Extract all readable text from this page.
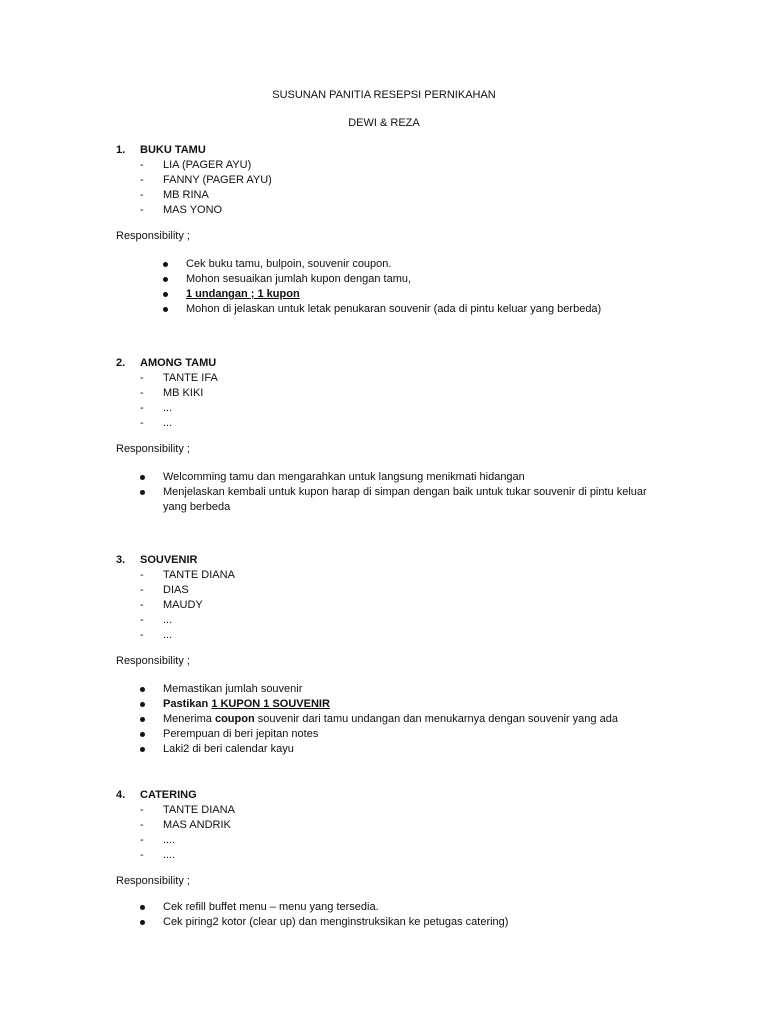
SUSUNAN PANITIA RESEPSI PERNIKAHAN
DEWI & REZA
1. BUKU TAMU
- LIA (PAGER AYU)
- FANNY (PAGER AYU)
- MB RINA
- MAS YONO
Responsibility ;
Cek buku tamu, bulpoin, souvenir coupon.
Mohon sesuaikan jumlah kupon dengan tamu,
1 undangan ; 1 kupon
Mohon di jelaskan untuk letak penukaran souvenir (ada di pintu keluar yang berbeda)
2. AMONG TAMU
- TANTE IFA
- MB KIKI
- ...
- ...
Responsibility ;
Welcomming tamu dan mengarahkan untuk langsung menikmati hidangan
Menjelaskan kembali untuk kupon harap di simpan dengan baik untuk tukar souvenir di pintu keluar yang berbeda
3. SOUVENIR
- TANTE DIANA
- DIAS
- MAUDY
- ...
- ...
Responsibility ;
Memastikan jumlah souvenir
Pastikan 1 KUPON 1 SOUVENIR
Menerima coupon souvenir dari tamu undangan dan menukarnya dengan souvenir yang ada
Perempuan di beri jepitan notes
Laki2 di beri calendar kayu
4. CATERING
- TANTE DIANA
- MAS ANDRIK
- ....
- ....
Responsibility ;
Cek refill buffet menu – menu yang tersedia.
Cek piring2 kotor (clear up) dan menginstruksikan ke petugas catering)
